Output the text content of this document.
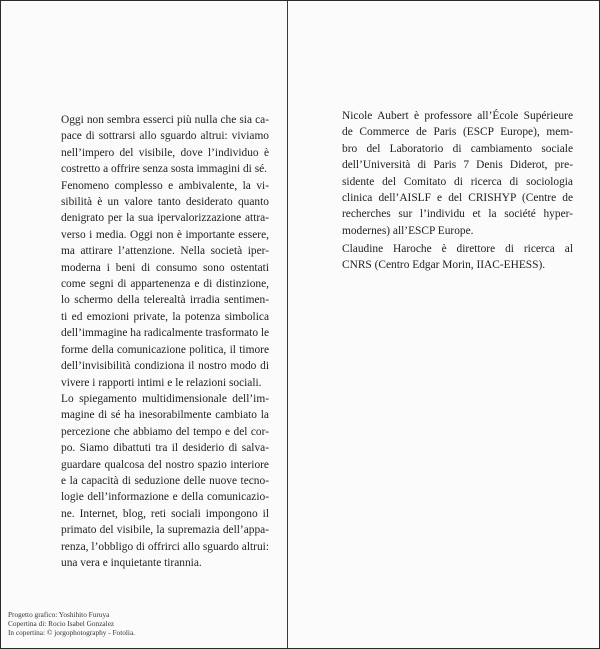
Oggi non sembra esserci più nulla che sia ca-
pace di sottrarsi allo sguardo altrui: viviamo
nell’impero del visibile, dove l’individuo è
costretto a offrire senza sosta immagini di sé.
Fenomeno complesso e ambivalente, la vi-
sibilità è un valore tanto desiderato quanto
denigrato per la sua ipervalorizzazione attra-
verso i media. Oggi non è importante essere,
ma attirare l’attenzione. Nella società iper-
moderna i beni di consumo sono ostentati
come segni di appartenenza e di distinzione,
lo schermo della telerealtà irradia sentimen-
ti ed emozioni private, la potenza simbolica
dell’immagine ha radicalmente trasformato le
forme della comunicazione politica, il timore
dell’invisibilità condiziona il nostro modo di
vivere i rapporti intimi e le relazioni sociali.
Lo spiegamento multidimensionale dell’im-
magine di sé ha inesorabilmente cambiato la
percezione che abbiamo del tempo e del cor-
po. Siamo dibattuti tra il desiderio di salva-
guardare qualcosa del nostro spazio interiore
e la capacità di seduzione delle nuove tecno-
logie dell’informazione e della comunicazio-
ne. Internet, blog, reti sociali impongono il
primato del visibile, la supremazia dell’appa-
renza, l’obbligo di offrirci allo sguardo altrui:
una vera e inquietante tirannia.
Progetto grafico: Yoshihito Furuya
Copertina di: Rocio Isabel Gonzalez
In copertina: © jorgophotography - Fotolia.
Nicole Aubert è professore all’École Supérieure
de Commerce de Paris (ESCP Europe), mem-
bro del Laboratorio di cambiamento sociale
dell’Università di Paris 7 Denis Diderot, pre-
sidente del Comitato di ricerca di sociologia
clinica dell’AISLF e del CRISHYP (Centre de
recherches sur l’individu et la société hyper-
modernes) all’ESCP Europe.
Claudine Haroche è direttore di ricerca al
CNRS (Centro Edgar Morin, IIAC-EHESS).
